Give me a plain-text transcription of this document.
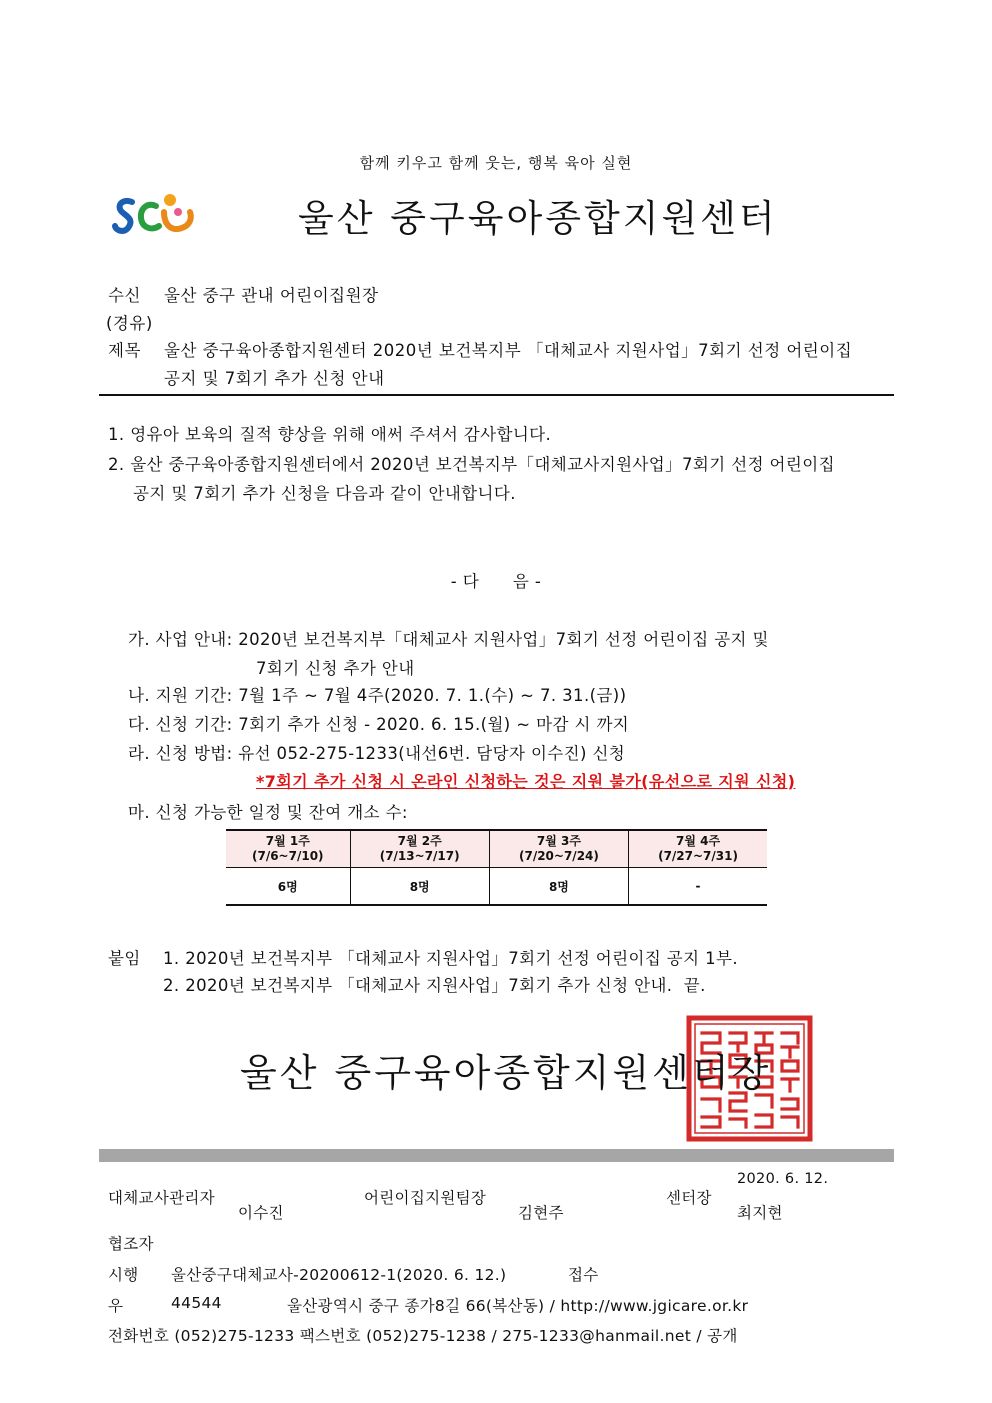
함께 키우고 함께 웃는, 행복 육아 실현
울산 중구육아종합지원센터
수신 울산 중구 관내 어린이집원장
(경유)
제목 울산 중구육아종합지원센터 2020년 보건복지부 「대체교사 지원사업」7회기 선정 어린이집
공지 및 7회기 추가 신청 안내
1. 영유아 보육의 질적 향상을 위해 애써 주셔서 감사합니다.
2. 울산 중구육아종합지원센터에서 2020년 보건복지부「대체교사지원사업」7회기 선정 어린이집
공지 및 7회기 추가 신청을 다음과 같이 안내합니다.
- 다      음 -
가. 사업 안내: 2020년 보건복지부「대체교사 지원사업」7회기 선정 어린이집 공지 및
7회기 신청 추가 안내
나. 지원 기간: 7월 1주 ~ 7월 4주(2020. 7. 1.(수) ~ 7. 31.(금))
다. 신청 기간: 7회기 추가 신청 - 2020. 6. 15.(월) ~ 마감 시 까지
라. 신청 방법: 유선 052-275-1233(내선6번. 담당자 이수진) 신청
*7회기 추가 신청 시 온라인 신청하는 것은 지원 불가(유선으로 지원 신청)
마. 신청 가능한 일정 및 잔여 개소 수:
7월 1주
(7/6~7/10)	7월 2주
(7/13~7/17)	7월 3주
(7/20~7/24)	7월 4주
(7/27~7/31)
6명	8명	8명	-
붙임 1. 2020년 보건복지부 「대체교사 지원사업」7회기 선정 어린이집 공지 1부.
2. 2020년 보건복지부 「대체교사 지원사업」7회기 추가 신청 안내.  끝.
울산 중구육아종합지원센터장
대체교사관리자
이수진
어린이집지원팀장
김현주
센터장
2020. 6. 12.
최지현
협조자
시행 울산중구대체교사-20200612-1(2020. 6. 12.)	접수
우	44544	울산광역시 중구 종가8길 66(복산동) / http://www.jgicare.or.kr
전화번호 (052)275-1233 팩스번호 (052)275-1238 / 275-1233@hanmail.net / 공개
